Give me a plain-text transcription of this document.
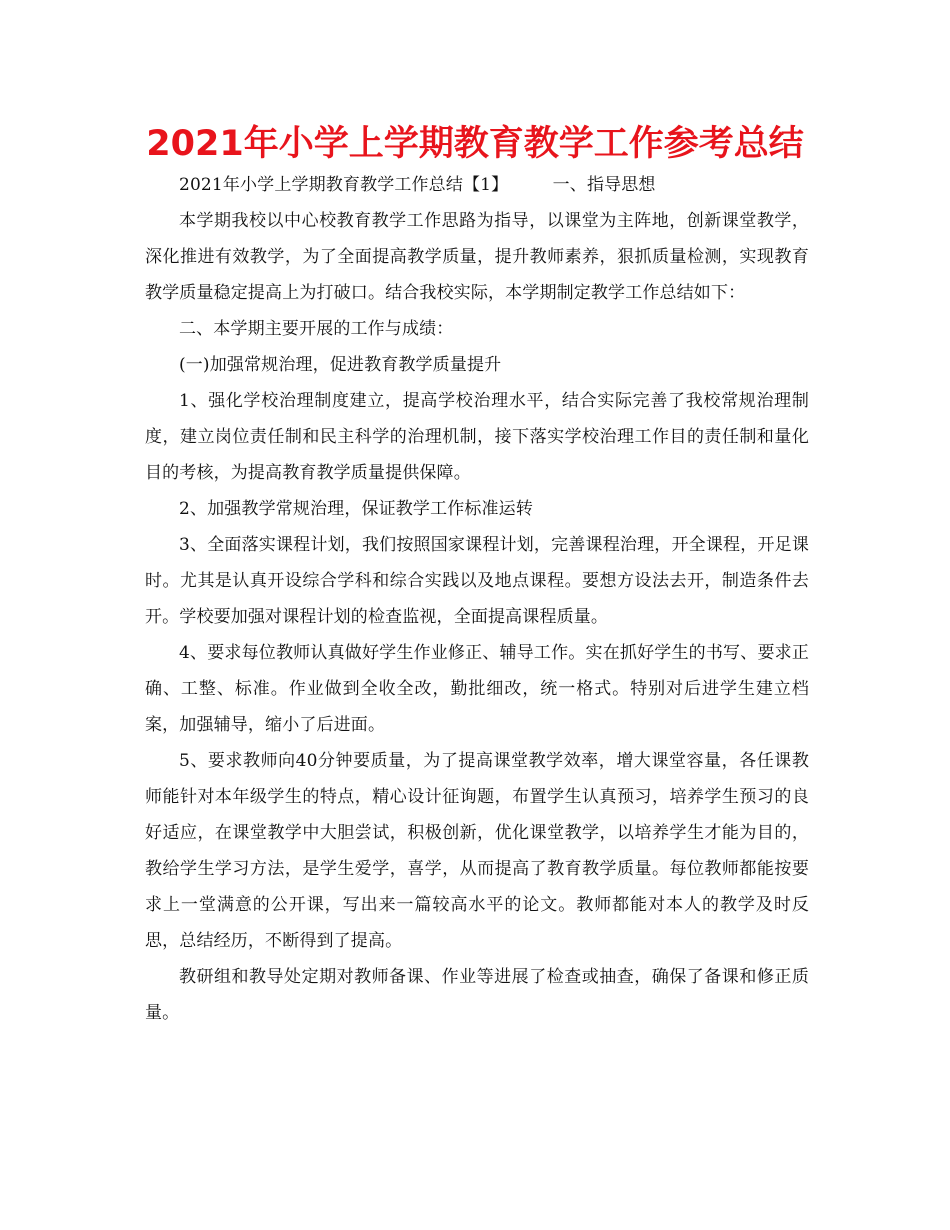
2021年小学上学期教育教学工作参考总结

2021年小学上学期教育教学工作总结【1】        一、指导思想

本学期我校以中心校教育教学工作思路为指导，以课堂为主阵地，创新课堂教学，深化推进有效教学，为了全面提高教学质量，提升教师素养，狠抓质量检测，实现教育教学质量稳定提高上为打破口。结合我校实际，本学期制定教学工作总结如下：

二、本学期主要开展的工作与成绩：

(一)加强常规治理，促进教育教学质量提升

1、强化学校治理制度建立，提高学校治理水平，结合实际完善了我校常规治理制度，建立岗位责任制和民主科学的治理机制，接下落实学校治理工作目的责任制和量化目的考核，为提高教育教学质量提供保障。

2、加强教学常规治理，保证教学工作标准运转

3、全面落实课程计划，我们按照国家课程计划，完善课程治理，开全课程，开足课时。尤其是认真开设综合学科和综合实践以及地点课程。要想方设法去开，制造条件去开。学校要加强对课程计划的检查监视，全面提高课程质量。

4、要求每位教师认真做好学生作业修正、辅导工作。实在抓好学生的书写、要求正确、工整、标准。作业做到全收全改，勤批细改，统一格式。特别对后进学生建立档案，加强辅导，缩小了后进面。

5、要求教师向40分钟要质量，为了提高课堂教学效率，增大课堂容量，各任课教师能针对本年级学生的特点，精心设计征询题，布置学生认真预习，培养学生预习的良好适应，在课堂教学中大胆尝试，积极创新，优化课堂教学，以培养学生才能为目的，教给学生学习方法，是学生爱学，喜学，从而提高了教育教学质量。每位教师都能按要求上一堂满意的公开课，写出来一篇较高水平的论文。教师都能对本人的教学及时反思，总结经历，不断得到了提高。

教研组和教导处定期对教师备课、作业等进展了检查或抽查，确保了备课和修正质量。
